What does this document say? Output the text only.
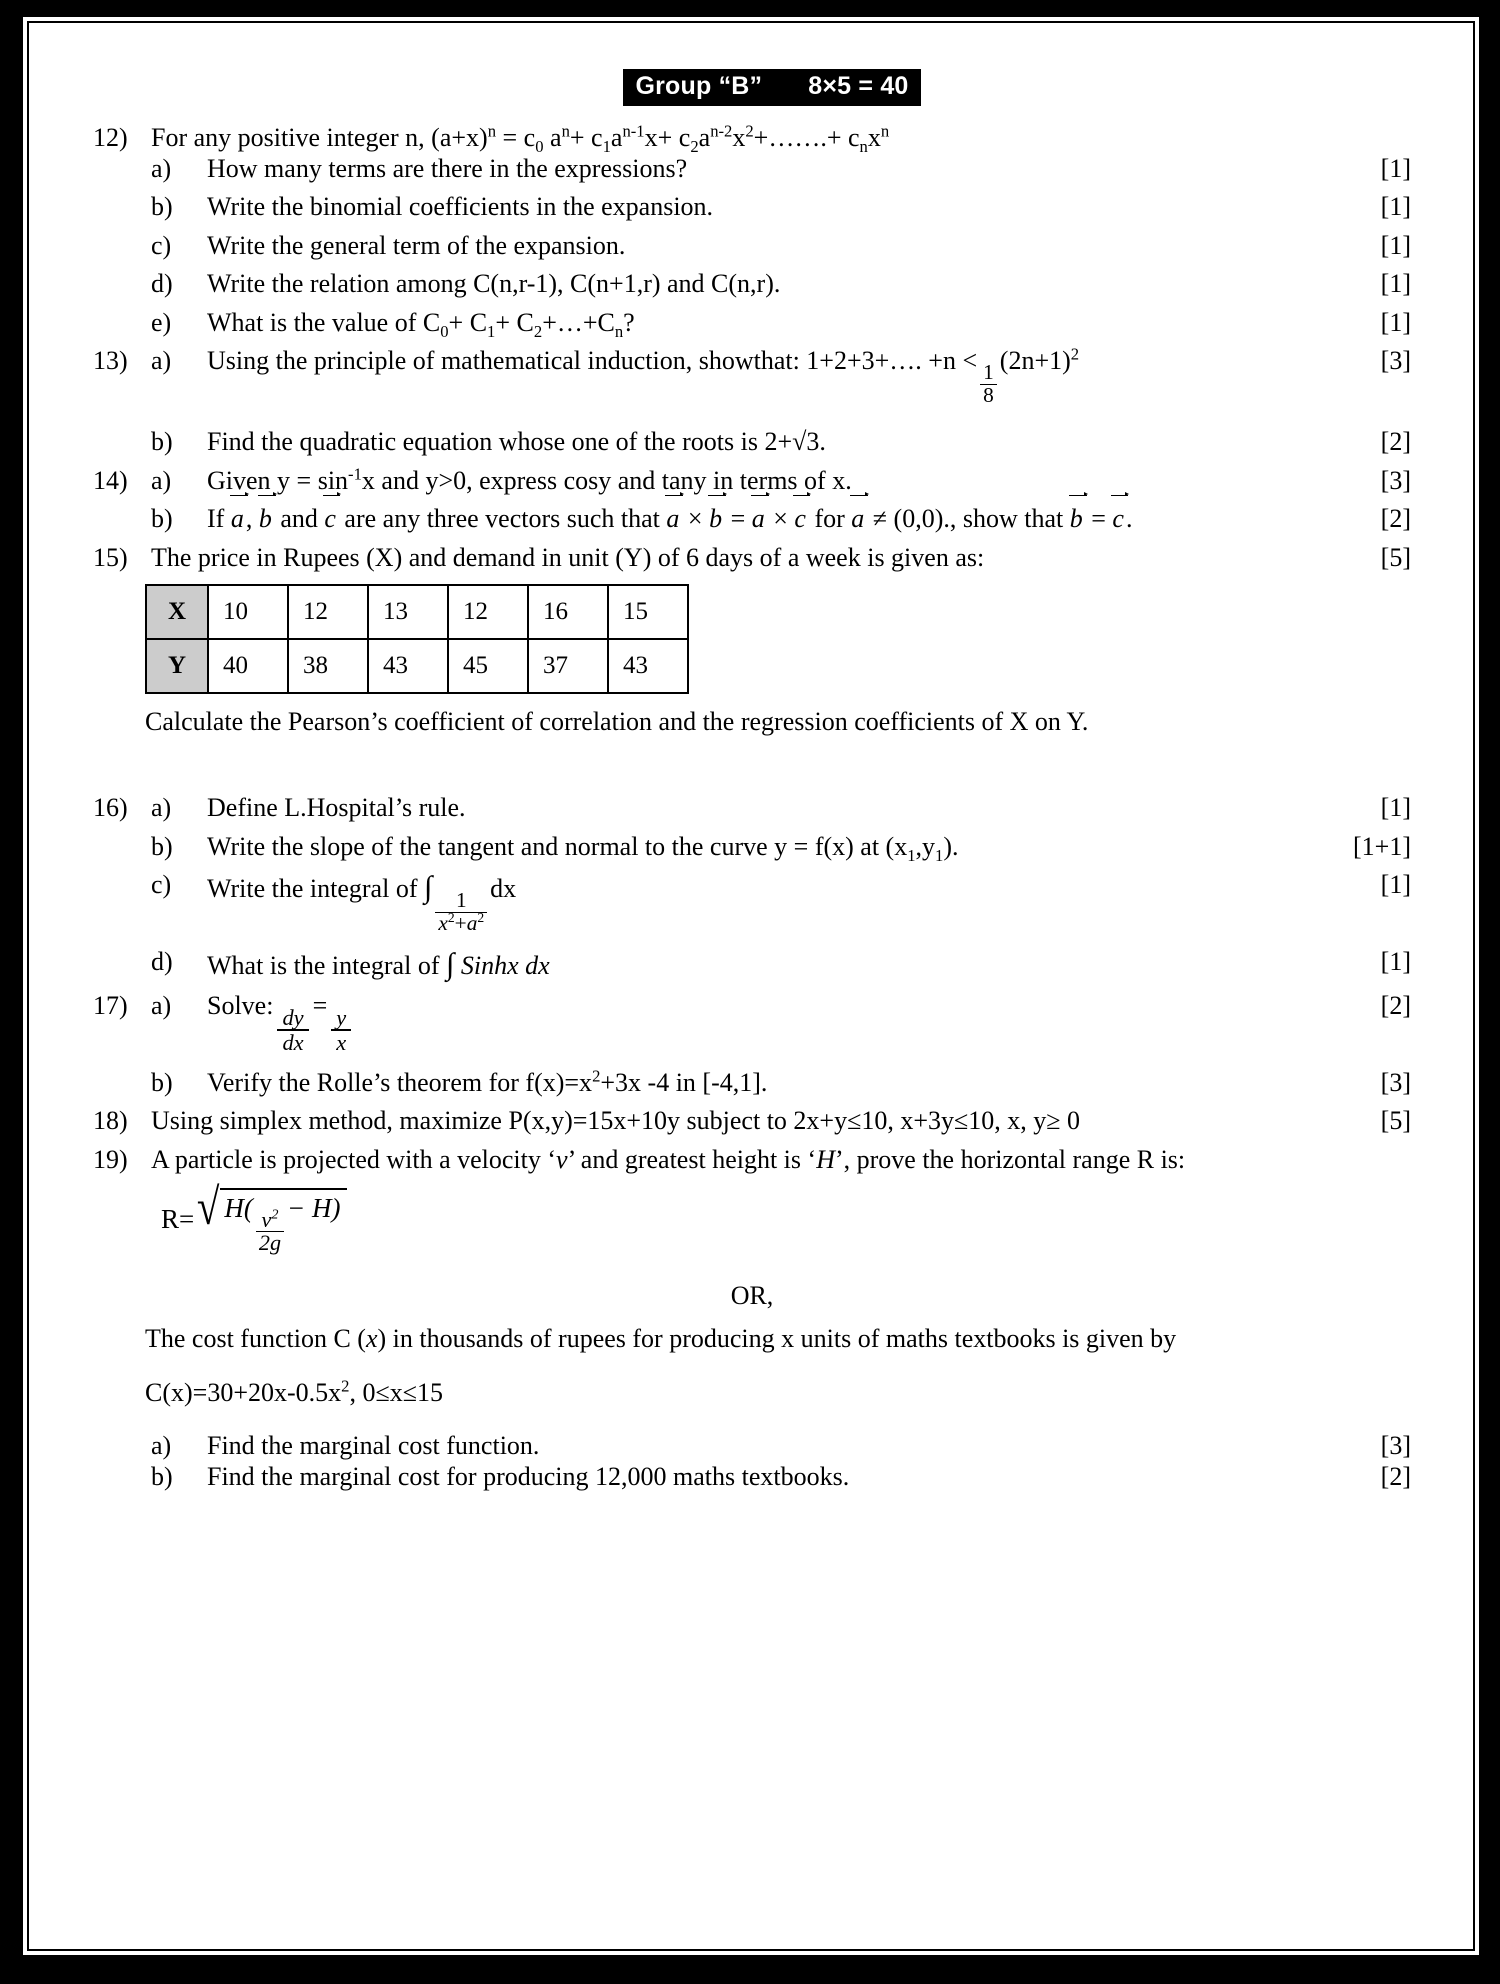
Group “B” 8×5 = 40
12) For any positive integer n, $(a+x)^n = c_0$ $a^n+ c_1a^{n-1}x+$ $c_2a^{n-2}x^2+\dots\dots.+ c_nx^n$
a)	How many terms are there in the expressions?	[1]
b)	Write the binomial coefficients in the expansion.	[1]
c)	Write the general term of the expansion.	[1]
d)	Write the relation among C(n,r-1), C(n+1,r) and C(n,r).	[1]
e)	What is the value of $C_0+ C_1+$ $C_2+\dots+C_n$?	[1]
13) a)	Using the principle of mathematical induction, showthat: 1+2+3+…. +n <
$\frac{1}{8}$
$(2n+1)^2$	[3]
b)	Find the quadratic equation whose one of the roots is 2+√3.	[2]
14) a)	Given $y = \sin^{-1}x$ and y>0, express cosy and tany in terms of x.	[3]
b)	If a, b and c are any three vectors such that a × b = a × c for a ≠ (0,0)., show that b = c.	[2]
15) The price in Rupees (X) and demand in unit (Y) of 6 days of a week is given as:	[5]
X	10	12	13	12	16	15
Y	40	38	43	45	37	43
Calculate the Pearson’s coefficient of correlation and the regression coefficients of X on Y.
16) a)	Define L.Hospital’s rule.	[1]
b)	Write the slope of the tangent and normal to the curve y = f(x) at $(x_1,y_1)$.	[1+1]
c)	Write the integral of ∫
$\frac{1}{x^2+a^2}$
dx	[1]
d)	What is the integral of ∫ Sinhx dx	[1]
17) a)	Solve:
$\frac{dy}{dx}$
=
$\frac{y}{x}$
[2]
b)	Verify the Rolle’s theorem for $f(x)=x^2+3x$ -4 in [-4,1].	[3]
18) Using simplex method, maximize P(x,y)=15x+10y subject to 2x+y≤10, x+3y≤10, x, y≥ 0	[5]
19) A particle is projected with a velocity ‘v’ and greatest height is ‘H’, prove the horizontal range R is:
R= √ H(
$\frac{v^2}{2g}$
− H)
OR,
The cost function C (x) in thousands of rupees for producing x units of maths textbooks is given by
$C(x)=30+20x-0.5x^2$, 0≤x≤15
a)	Find the marginal cost function.	[3]
b)	Find the marginal cost for producing 12,000 maths textbooks.	[2]
